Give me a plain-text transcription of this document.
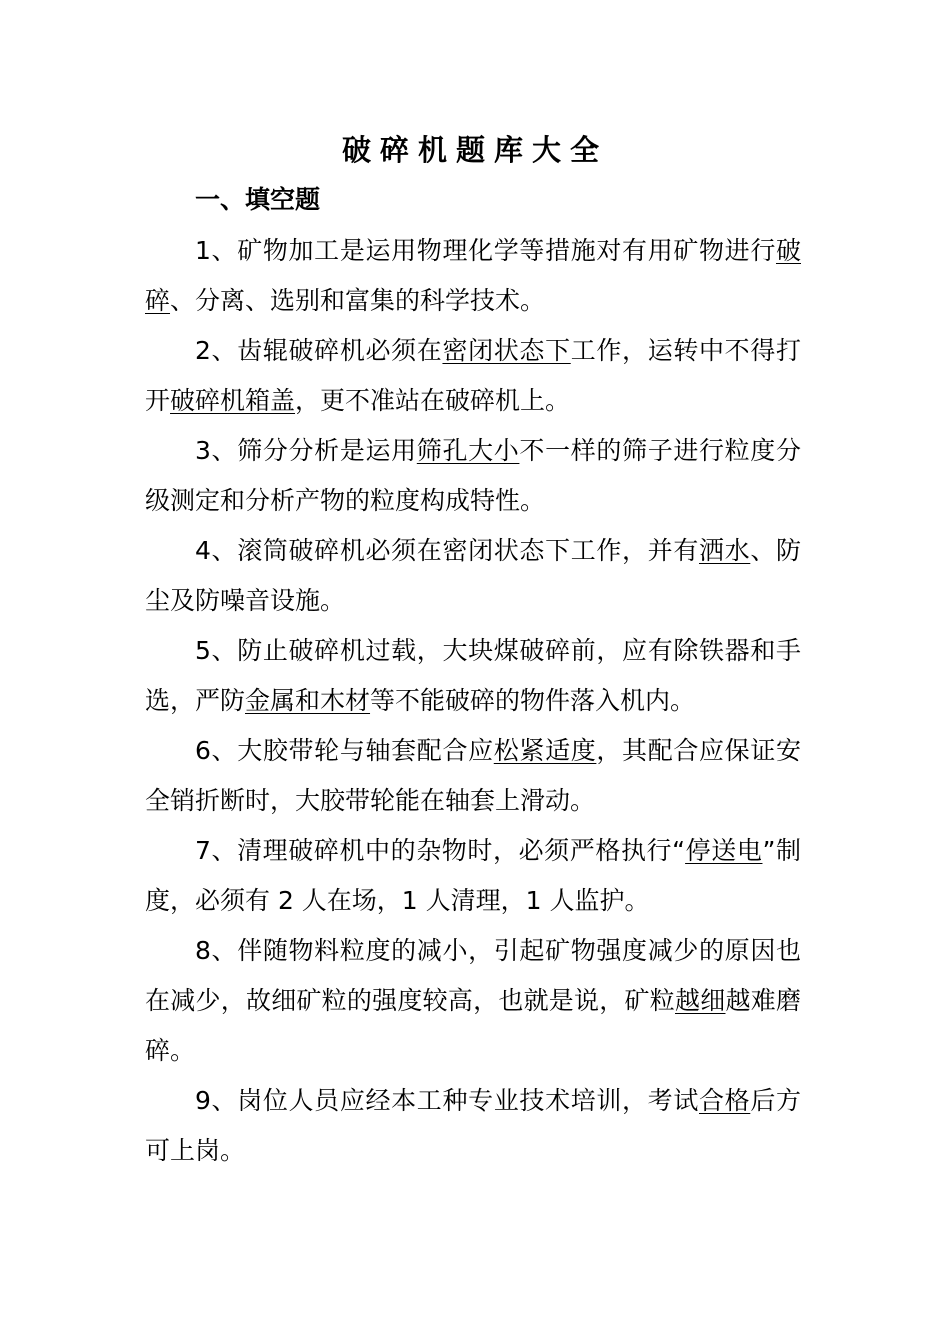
破碎机题库大全
一、填空题

1、矿物加工是运用物理化学等措施对有用矿物进行破碎、分离、选别和富集的科学技术。

2、齿辊破碎机必须在密闭状态下工作，运转中不得打开破碎机箱盖，更不准站在破碎机上。

3、筛分分析是运用筛孔大小不一样的筛子进行粒度分级测定和分析产物的粒度构成特性。

4、滚筒破碎机必须在密闭状态下工作，并有洒水、防尘及防噪音设施。

5、防止破碎机过载，大块煤破碎前，应有除铁器和手选，严防金属和木材等不能破碎的物件落入机内。

6、大胶带轮与轴套配合应松紧适度，其配合应保证安全销折断时，大胶带轮能在轴套上滑动。

7、清理破碎机中的杂物时，必须严格执行“停送电”制度，必须有 2 人在场，1 人清理，1 人监护。

8、伴随物料粒度的减小，引起矿物强度减少的原因也在减少，故细矿粒的强度较高，也就是说，矿粒越细越难磨碎。

9、岗位人员应经本工种专业技术培训，考试合格后方可上岗。
